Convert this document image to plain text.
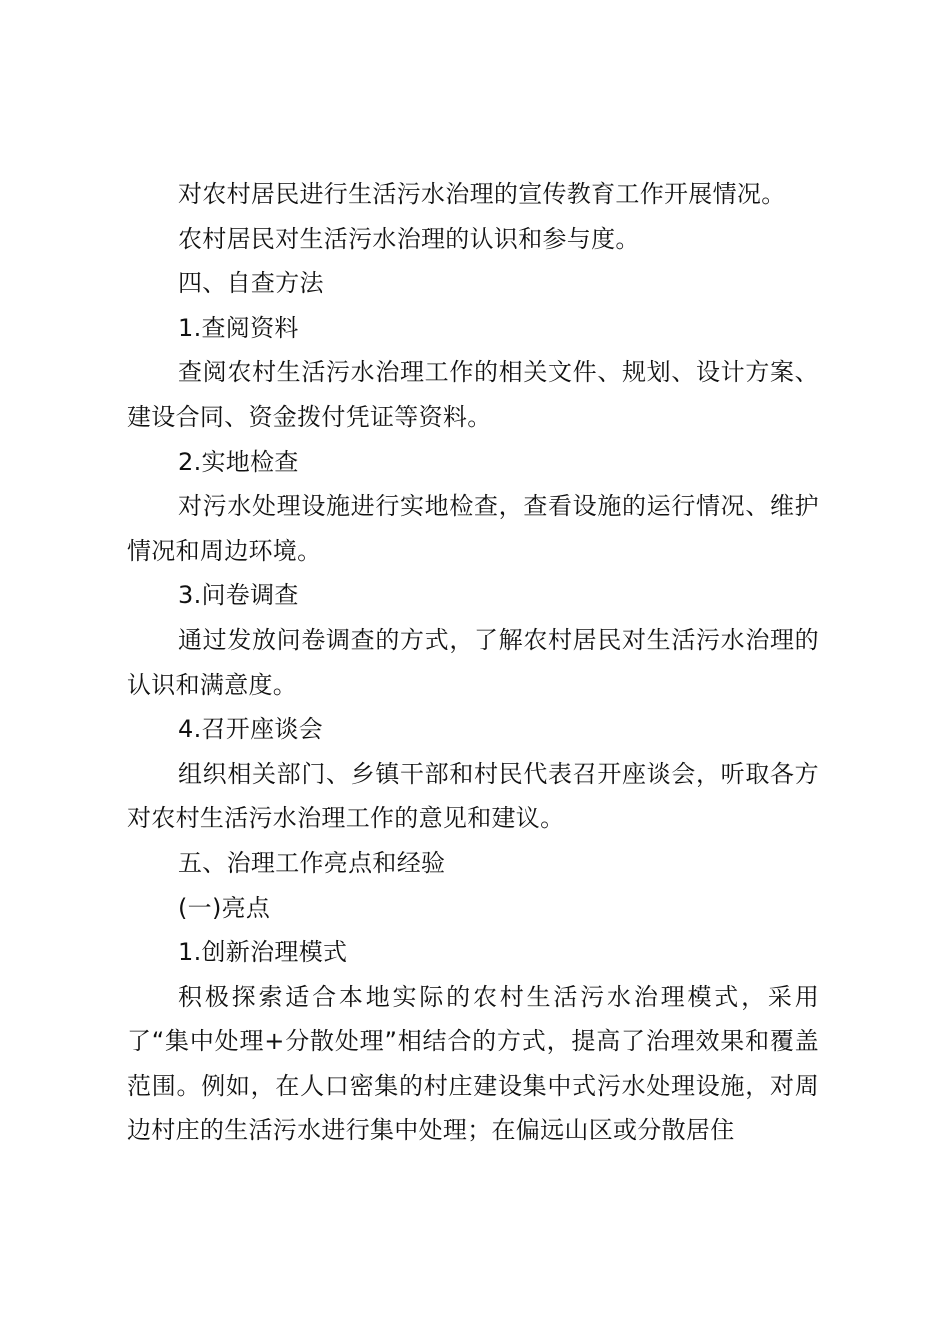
对农村居民进行生活污水治理的宣传教育工作开展情况。

农村居民对生活污水治理的认识和参与度。

四、自查方法

1.查阅资料

查阅农村生活污水治理工作的相关文件、规划、设计方案、建设合同、资金拨付凭证等资料。

2.实地检查

对污水处理设施进行实地检查，查看设施的运行情况、维护情况和周边环境。

3.问卷调查

通过发放问卷调查的方式，了解农村居民对生活污水治理的认识和满意度。

4.召开座谈会

组织相关部门、乡镇干部和村民代表召开座谈会，听取各方对农村生活污水治理工作的意见和建议。

五、治理工作亮点和经验

(一)亮点

1.创新治理模式

积极探索适合本地实际的农村生活污水治理模式，采用了“集中处理+分散处理”相结合的方式，提高了治理效果和覆盖范围。例如，在人口密集的村庄建设集中式污水处理设施，对周边村庄的生活污水进行集中处理；在偏远山区或分散居住
